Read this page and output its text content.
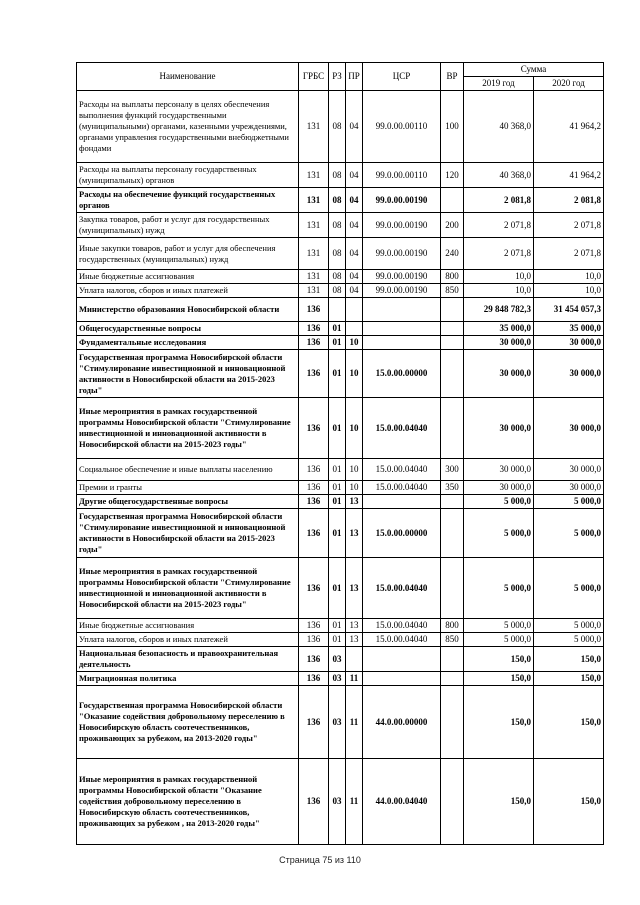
Наименование	ГРБС	РЗ	ПР	ЦСР	ВР	Сумма	
						2019 год	2020 год
Расходы на выплаты персоналу в целях обеспечения выполнения функций государственными (муниципальными) органами, казенными учреждениями, органами управления государственными внебюджетными фондами	131	08	04	99.0.00.00110	100	40 368,0	41 964,2
Расходы на выплаты персоналу государственных (муниципальных) органов	131	08	04	99.0.00.00110	120	40 368,0	41 964,2
Расходы на обеспечение функций государственных органов	131	08	04	99.0.00.00190		2 081,8	2 081,8
Закупка товаров, работ и услуг для государственных (муниципальных) нужд	131	08	04	99.0.00.00190	200	2 071,8	2 071,8
Иные закупки товаров, работ и услуг для обеспечения государственных (муниципальных) нужд	131	08	04	99.0.00.00190	240	2 071,8	2 071,8
Иные бюджетные ассигнования	131	08	04	99.0.00.00190	800	10,0	10,0
Уплата налогов, сборов и иных платежей	131	08	04	99.0.00.00190	850	10,0	10,0
Министерство образования Новосибирской области	136					29 848 782,3	31 454 057,3
Общегосударственные вопросы	136	01				35 000,0	35 000,0
Фундаментальные исследования	136	01	10			30 000,0	30 000,0
Государственная программа Новосибирской области "Стимулирование инвестиционной и инновационной активности в Новосибирской области на 2015-2023 годы"	136	01	10	15.0.00.00000		30 000,0	30 000,0
Иные мероприятия в рамках государственной программы Новосибирской области "Стимулирование инвестиционной и инновационной активности в Новосибирской области на 2015-2023 годы"	136	01	10	15.0.00.04040		30 000,0	30 000,0
Социальное обеспечение и иные выплаты населению	136	01	10	15.0.00.04040	300	30 000,0	30 000,0
Премии и гранты	136	01	10	15.0.00.04040	350	30 000,0	30 000,0
Другие общегосударственные вопросы	136	01	13			5 000,0	5 000,0
Государственная программа Новосибирской области "Стимулирование инвестиционной и инновационной активности в Новосибирской области на 2015-2023 годы"	136	01	13	15.0.00.00000		5 000,0	5 000,0
Иные мероприятия в рамках государственной программы Новосибирской области "Стимулирование инвестиционной и инновационной активности в Новосибирской области на 2015-2023 годы"	136	01	13	15.0.00.04040		5 000,0	5 000,0
Иные бюджетные ассигнования	136	01	13	15.0.00.04040	800	5 000,0	5 000,0
Уплата налогов, сборов и иных платежей	136	01	13	15.0.00.04040	850	5 000,0	5 000,0
Национальная безопасность и правоохранительная деятельность	136	03				150,0	150,0
Миграционная политика	136	03	11			150,0	150,0
Государственная программа Новосибирской области "Оказание содействия добровольному переселению в Новосибирскую область соотечественников, проживающих за рубежом, на 2013-2020 годы"	136	03	11	44.0.00.00000		150,0	150,0
Иные мероприятия в рамках государственной программы Новосибирской области "Оказание содействия добровольному переселению в Новосибирскую область соотечественников, проживающих за рубежом , на 2013-2020 годы"	136	03	11	44.0.00.04040		150,0	150,0
Страница 75 из 110
